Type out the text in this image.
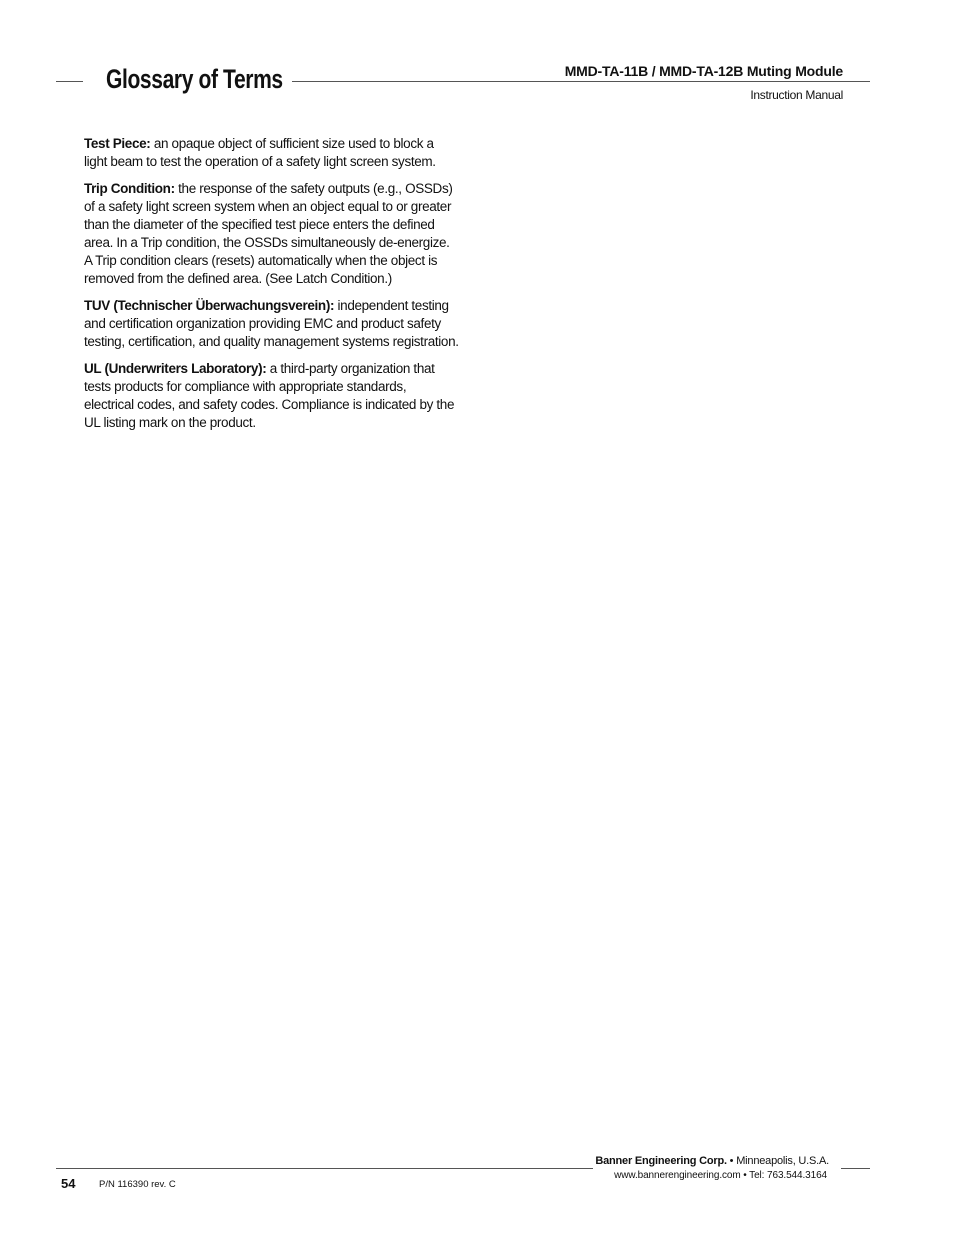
Glossary of Terms	MMD-TA-11B / MMD-TA-12B Muting Module
Instruction Manual

Test Piece: an opaque object of sufficient size used to block a light beam to test the operation of a safety light screen system.

Trip Condition: the response of the safety outputs (e.g., OSSDs) of a safety light screen system when an object equal to or greater than the diameter of the specified test piece enters the defined area. In a Trip condition, the OSSDs simultaneously de-energize. A Trip condition clears (resets) automatically when the object is removed from the defined area. (See Latch Condition.)

TUV (Technischer Überwachungsverein): independent testing and certification organization providing EMC and product safety testing, certification, and quality management systems registration.

UL (Underwriters Laboratory): a third-party organization that tests products for compliance with appropriate standards, electrical codes, and safety codes. Compliance is indicated by the UL listing mark on the product.

Banner Engineering Corp. • Minneapolis, U.S.A.
www.bannerengineering.com • Tel: 763.544.3164
54 P/N 116390 rev. C
